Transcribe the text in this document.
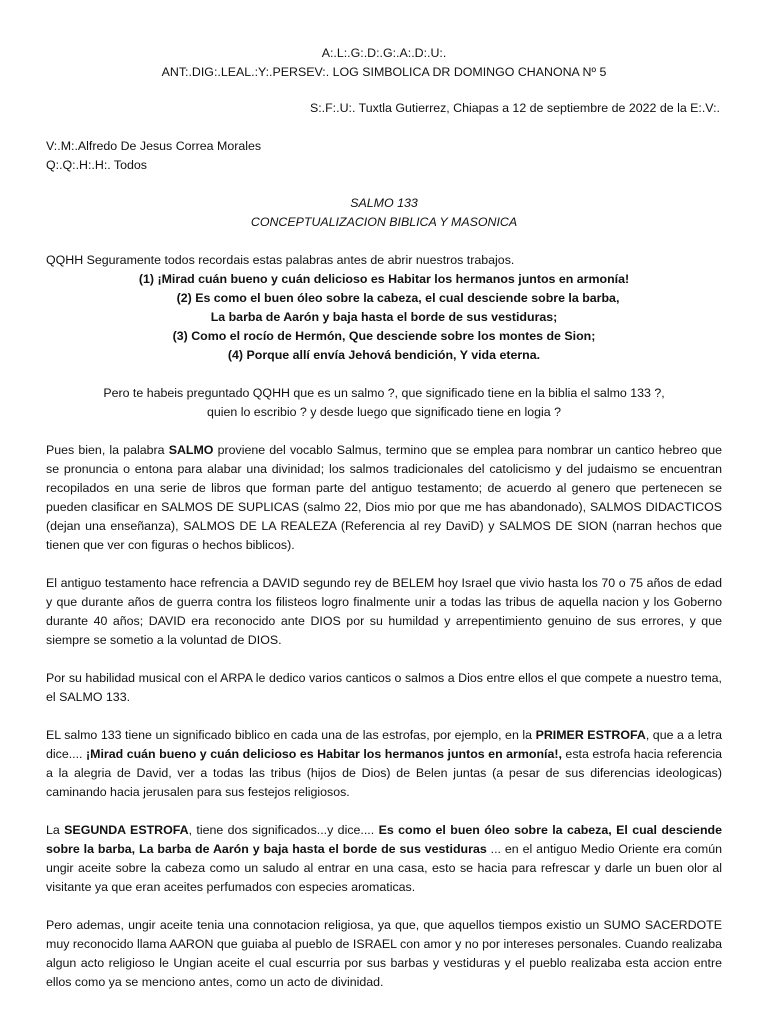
A:.L:.G:.D:.G:.A:.D:.U:.

ANT:.DIG:.LEAL.:Y:.PERSEV:. LOG SIMBOLICA DR DOMINGO CHANONA Nº 5

S:.F:.U:. Tuxtla Gutierrez, Chiapas a 12 de septiembre de 2022 de la E:.V:.

V:.M:.Alfredo De Jesus Correa Morales

Q:.Q:.H:.H:. Todos

SALMO 133

CONCEPTUALIZACION BIBLICA Y MASONICA

QQHH Seguramente todos recordais estas palabras antes de abrir nuestros trabajos.

(1) ¡Mirad cuán bueno y cuán delicioso es Habitar los hermanos juntos en armonía!

(2) Es como el buen óleo sobre la cabeza, el cual desciende sobre la barba,

La barba de Aarón y baja hasta el borde de sus vestiduras;

(3) Como el rocío de Hermón, Que desciende sobre los montes de Sion;

(4) Porque allí envía Jehová bendición, Y vida eterna.

Pero te habeis preguntado QQHH que es un salmo ?, que significado tiene en la biblia el salmo 133 ?,

quien lo escribio ? y desde luego que significado tiene en logia ?

Pues bien, la palabra SALMO proviene del vocablo Salmus, termino que se emplea para nombrar un cantico hebreo que se pronuncia o entona para alabar una divinidad; los salmos tradicionales del catolicismo y del judaismo se encuentran recopilados en una serie de libros que forman parte del antiguo testamento; de acuerdo al genero que pertenecen se pueden clasificar en SALMOS DE SUPLICAS (salmo 22, Dios mio por que me has abandonado), SALMOS DIDACTICOS (dejan una enseñanza), SALMOS DE LA REALEZA (Referencia al rey DaviD) y SALMOS DE SION (narran hechos que tienen que ver con figuras o hechos biblicos).

El antiguo testamento hace refrencia a DAVID segundo rey de BELEM hoy Israel que vivio hasta los 70 o 75 años de edad y que durante años de guerra contra los filisteos logro finalmente unir a todas las tribus de aquella nacion y los Goberno durante 40 años; DAVID era reconocido ante DIOS por su humildad y arrepentimiento genuino de sus errores, y que siempre se sometio a la voluntad de DIOS.

Por su habilidad musical con el ARPA le dedico varios canticos o salmos a Dios entre ellos el que compete a nuestro tema, el SALMO 133.

EL salmo 133 tiene un significado biblico en cada una de las estrofas, por ejemplo, en la PRIMER ESTROFA, que a a letra dice.... ¡Mirad cuán bueno y cuán delicioso es Habitar los hermanos juntos en armonía!, esta estrofa hacia referencia a la alegria de David, ver a todas las tribus (hijos de Dios) de Belen juntas (a pesar de sus diferencias ideologicas) caminando hacia jerusalen para sus festejos religiosos.

La SEGUNDA ESTROFA, tiene dos significados...y dice.... Es como el buen óleo sobre la cabeza, El cual desciende sobre la barba, La barba de Aarón y baja hasta el borde de sus vestiduras ... en el antiguo Medio Oriente era común ungir aceite sobre la cabeza como un saludo al entrar en una casa, esto se hacia para refrescar y darle un buen olor al visitante ya que eran aceites perfumados con especies aromaticas.

Pero ademas, ungir aceite tenia una connotacion religiosa, ya que, que aquellos tiempos existio un SUMO SACERDOTE muy reconocido llama AARON que guiaba al pueblo de ISRAEL con amor y no por intereses personales. Cuando realizaba algun acto religioso le Ungian aceite el cual escurria por sus barbas y vestiduras y el pueblo realizaba esta accion entre ellos como ya se menciono antes, como un acto de divinidad.
